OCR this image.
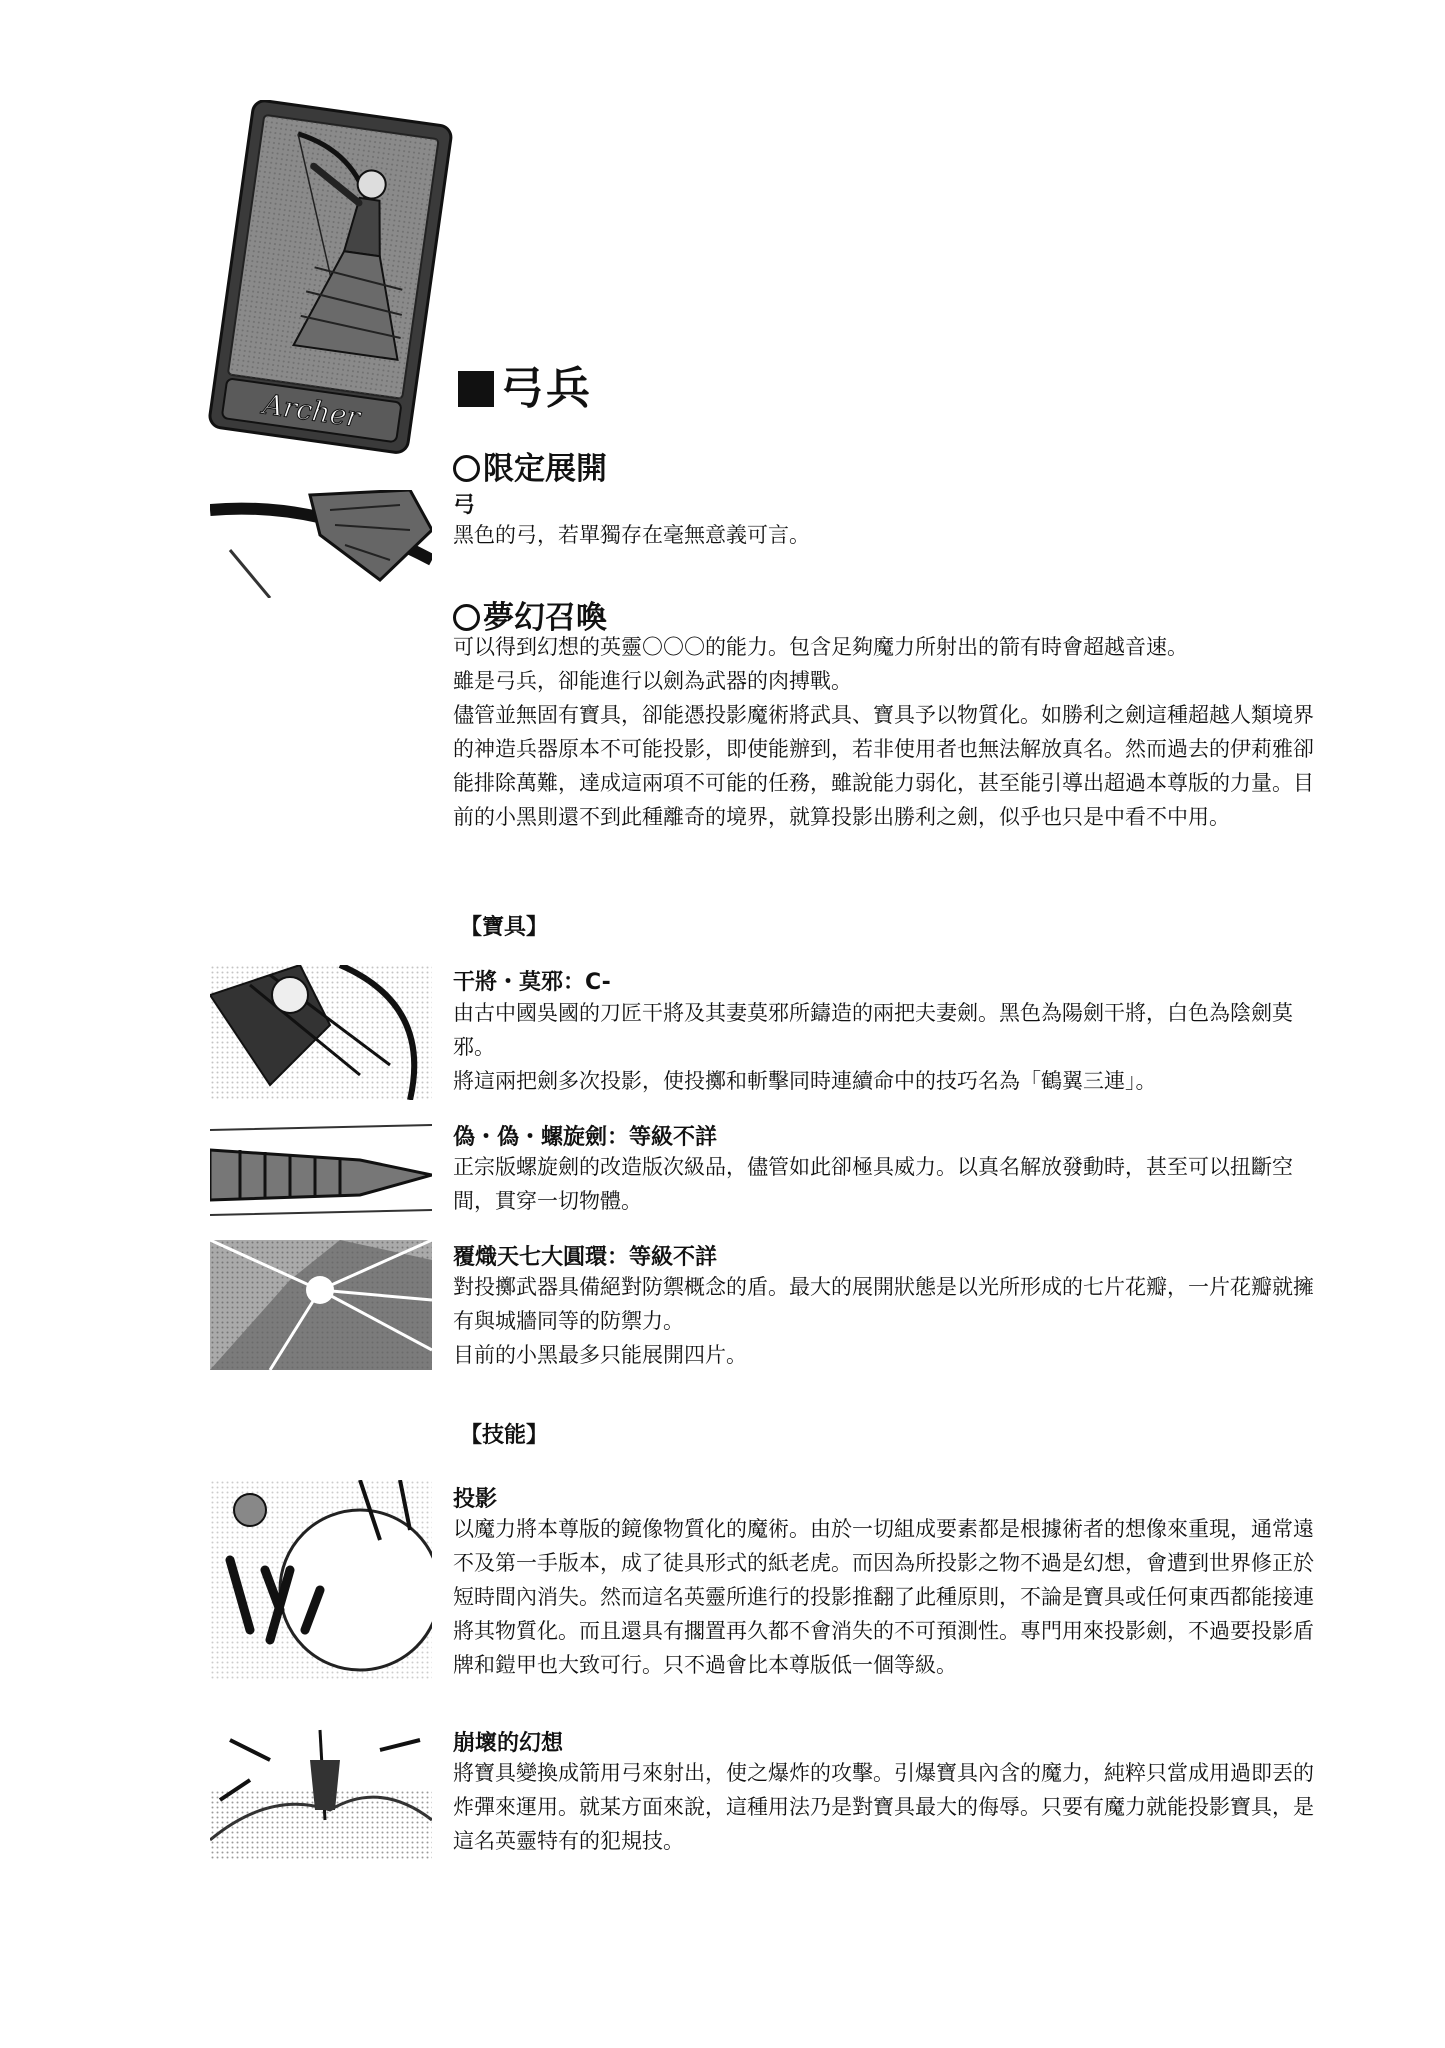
Archer	弓兵
限定展開
弓

黑色的弓，若單獨存在毫無意義可言。

夢幻召喚

可以得到幻想的英靈〇〇〇的能力。包含足夠魔力所射出的箭有時會超越音速。

雖是弓兵，卻能進行以劍為武器的肉搏戰。

儘管並無固有寶具，卻能憑投影魔術將武具、寶具予以物質化。如勝利之劍這種超越人類境界的神造兵器原本不可能投影，即使能辦到，若非使用者也無法解放真名。然而過去的伊莉雅卻能排除萬難，達成這兩項不可能的任務，雖說能力弱化，甚至能引導出超過本尊版的力量。目前的小黑則還不到此種離奇的境界，就算投影出勝利之劍，似乎也只是中看不中用。

【寶具】
干將・莫邪：C-

由古中國吳國的刀匠干將及其妻莫邪所鑄造的兩把夫妻劍。黑色為陽劍干將，白色為陰劍莫邪。

將這兩把劍多次投影，使投擲和斬擊同時連續命中的技巧名為「鶴翼三連」。

偽・偽・螺旋劍：等級不詳

正宗版螺旋劍的改造版次級品，儘管如此卻極具威力。以真名解放發動時，甚至可以扭斷空間，貫穿一切物體。

覆熾天七大圓環：等級不詳

對投擲武器具備絕對防禦概念的盾。最大的展開狀態是以光所形成的七片花瓣，一片花瓣就擁有與城牆同等的防禦力。

目前的小黑最多只能展開四片。

【技能】
投影

以魔力將本尊版的鏡像物質化的魔術。由於一切組成要素都是根據術者的想像來重現，通常遠不及第一手版本，成了徒具形式的紙老虎。而因為所投影之物不過是幻想，會遭到世界修正於短時間內消失。然而這名英靈所進行的投影推翻了此種原則，不論是寶具或任何東西都能接連將其物質化。而且還具有擱置再久都不會消失的不可預測性。專門用來投影劍，不過要投影盾牌和鎧甲也大致可行。只不過會比本尊版低一個等級。

崩壞的幻想

將寶具變換成箭用弓來射出，使之爆炸的攻擊。引爆寶具內含的魔力，純粹只當成用過即丟的炸彈來運用。就某方面來說，這種用法乃是對寶具最大的侮辱。只要有魔力就能投影寶具，是這名英靈特有的犯規技。
